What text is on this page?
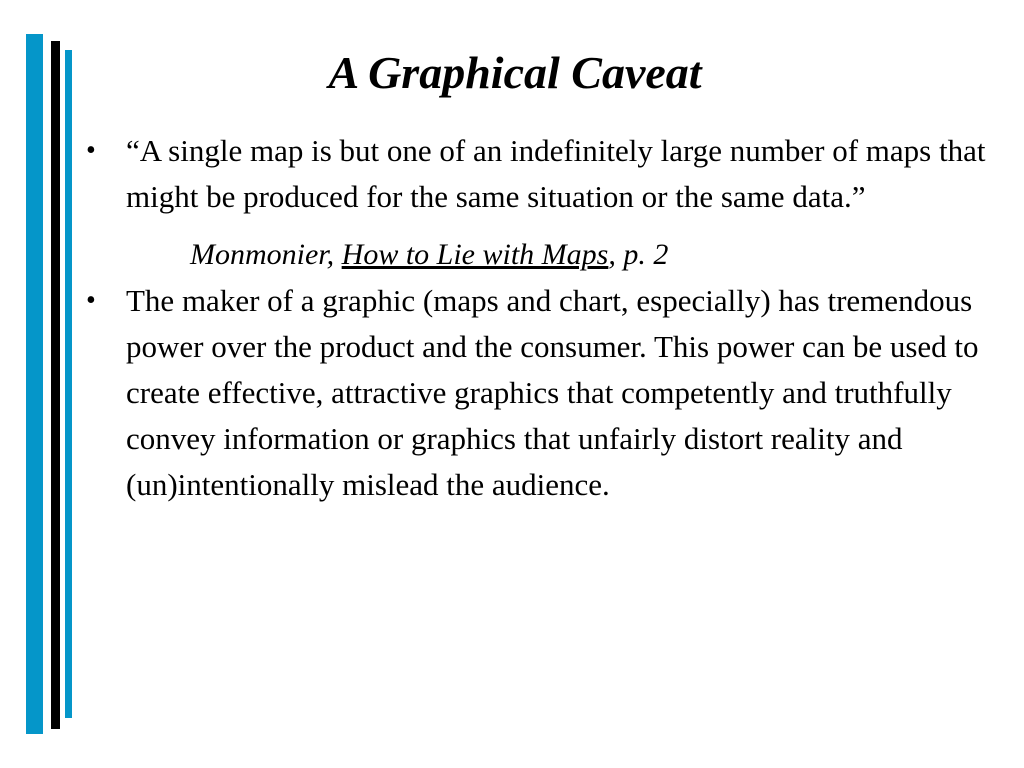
A Graphical Caveat
• “A single map is but one of an indefinitely large number of maps that might be produced for the same situation or the same data.”
Monmonier, How to Lie with Maps, p. 2
• The maker of a graphic (maps and chart, especially) has tremendous power over the product and the consumer. This power can be used to create effective, attractive graphics that competently and truthfully convey information or graphics that unfairly distort reality and (un)intentionally mislead the audience.
